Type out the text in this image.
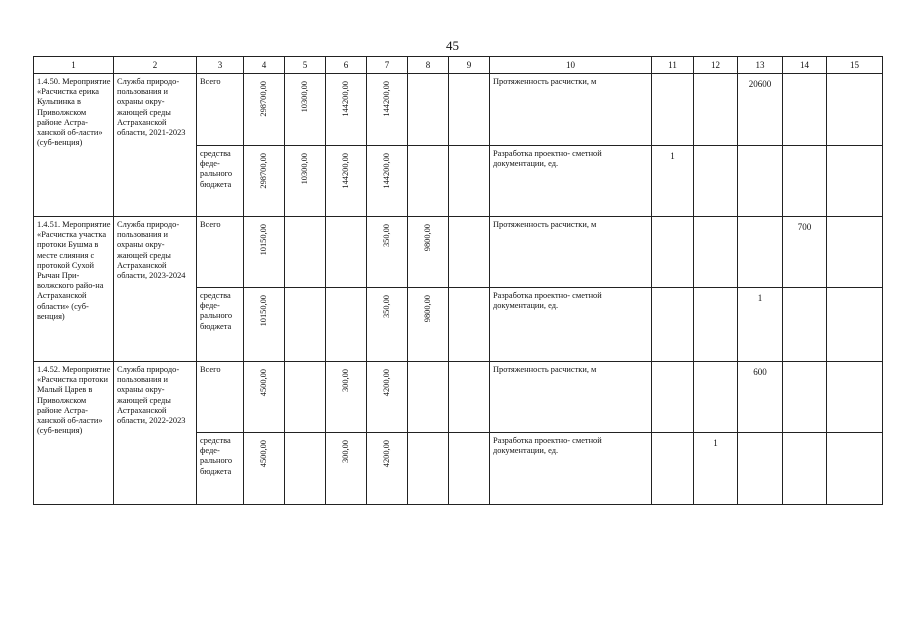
45
1	2	3	4	5	6	7	8	9	10	11	12	13	14	15
1.4.50. Мероприятие «Расчистка ерика Кульпинка в Приволжском районе Астра-ханской об-ласти» (суб-венция)	Служба природо-пользования и охраны окру-жающей среды Астраханской области, 2021-2023	Всего	298700,00	10300,00	144200,00	144200,00			Протяженность расчистки, м			20600		
		средства феде-рального бюджета	298700,00	10300,00	144200,00	144200,00			Разработка проектно- сметной документации, ед.	1				
1.4.51. Мероприятие «Расчистка участка протоки Бушма в месте слияния с протокой Сухой Рычан При-волжского райо-на Астраханской области» (суб-венция)	Служба природо-пользования и охраны окру-жающей среды Астраханской области, 2023-2024	Всего	10150,00			350,00	9800,00		Протяженность расчистки, м				700	
		средства феде-рального бюджета	10150,00			350,00	9800,00		Разработка проектно- сметной документации, ед.			1		
1.4.52. Мероприятие «Расчистка протоки Малый Царев в Приволжском районе Астра-ханской об-ласти» (суб-венция)	Служба природо-пользования и охраны окру-жающей среды Астраханской области, 2022-2023	Всего	4500,00		300,00	4200,00			Протяженность расчистки, м			600		
		средства феде-рального бюджета	4500,00		300,00	4200,00			Разработка проектно- сметной документации, ед.		1			
